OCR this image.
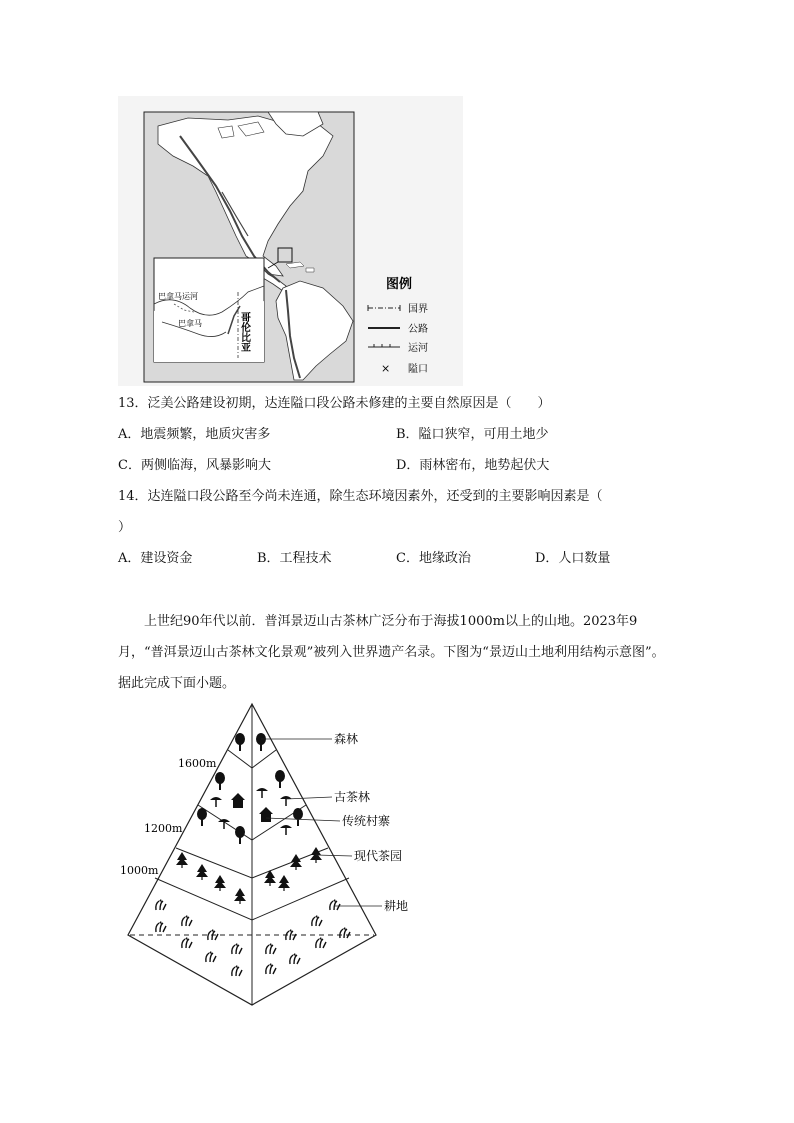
巴拿马运河
巴拿马	哥伦比亚
图例
国界
公路
运河
× 隘口
13．泛美公路建设初期，达连隘口段公路未修建的主要自然原因是（　　）
A．地震频繁，地质灾害多	B．隘口狭窄，可用土地少
C．两侧临海，风暴影响大	D．雨林密布，地势起伏大
14．达连隘口段公路至今尚未连通，除生态环境因素外，还受到的主要影响因素是（
）
A．建设资金	B．工程技术	C．地缘政治	D．人口数量
上世纪90年代以前．普洱景迈山古茶林广泛分布于海拔1000m以上的山地。2023年9月，“普洱景迈山古茶林文化景观”被列入世界遗产名录。下图为“景迈山土地利用结构示意图”。据此完成下面小题。
1600m
1200m
1000m
森林
古茶林
传统村寨
现代茶园
耕地
